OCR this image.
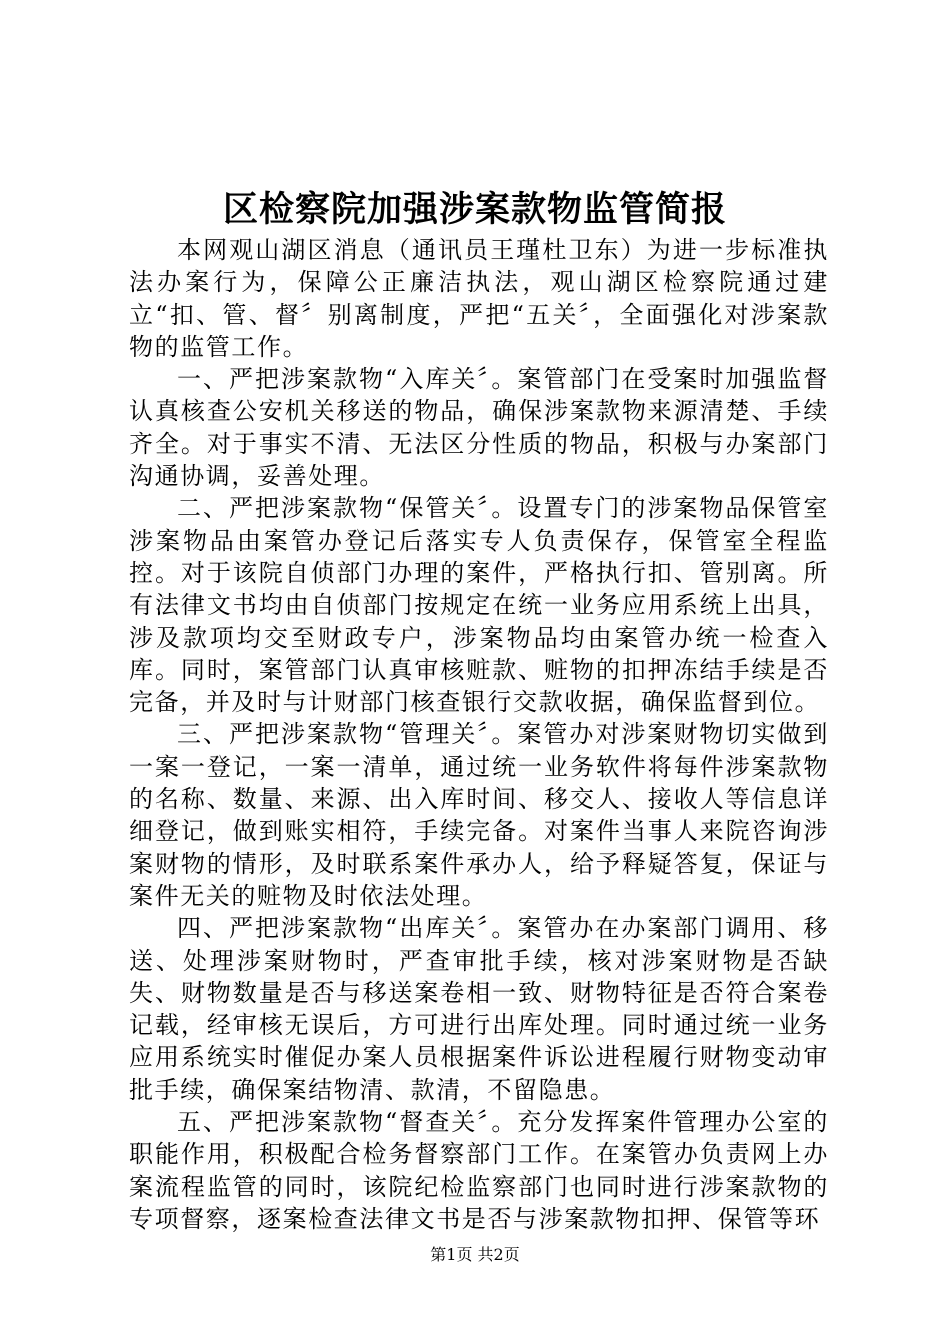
区检察院加强涉案款物监管简报

本网观山湖区消息（通讯员王瑾杜卫东）为进一步标准执法办案行为，保障公正廉洁执法，观山湖区检察院通过建立“扣、管、督〞别离制度，严把“五关〞，全面强化对涉案款物的监管工作。

一、严把涉案款物“入库关〞。案管部门在受案时加强监督认真核查公安机关移送的物品，确保涉案款物来源清楚、手续齐全。对于事实不清、无法区分性质的物品，积极与办案部门沟通协调，妥善处理。

二、严把涉案款物“保管关〞。设置专门的涉案物品保管室涉案物品由案管办登记后落实专人负责保存，保管室全程监控。对于该院自侦部门办理的案件，严格执行扣、管别离。所有法律文书均由自侦部门按规定在统一业务应用系统上出具，涉及款项均交至财政专户，涉案物品均由案管办统一检查入库。同时，案管部门认真审核赃款、赃物的扣押冻结手续是否完备，并及时与计财部门核查银行交款收据，确保监督到位。

三、严把涉案款物“管理关〞。案管办对涉案财物切实做到一案一登记，一案一清单，通过统一业务软件将每件涉案款物的名称、数量、来源、出入库时间、移交人、接收人等信息详细登记，做到账实相符，手续完备。对案件当事人来院咨询涉案财物的情形，及时联系案件承办人，给予释疑答复，保证与案件无关的赃物及时依法处理。

四、严把涉案款物“出库关〞。案管办在办案部门调用、移送、处理涉案财物时，严查审批手续，核对涉案财物是否缺失、财物数量是否与移送案卷相一致、财物特征是否符合案卷记载，经审核无误后，方可进行出库处理。同时通过统一业务应用系统实时催促办案人员根据案件诉讼进程履行财物变动审批手续，确保案结物清、款清，不留隐患。

五、严把涉案款物“督查关〞。充分发挥案件管理办公室的职能作用，积极配合检务督察部门工作。在案管办负责网上办案流程监管的同时，该院纪检监察部门也同时进行涉案款物的专项督察，逐案检查法律文书是否与涉案款物扣押、保管等环

第1页 共2页
